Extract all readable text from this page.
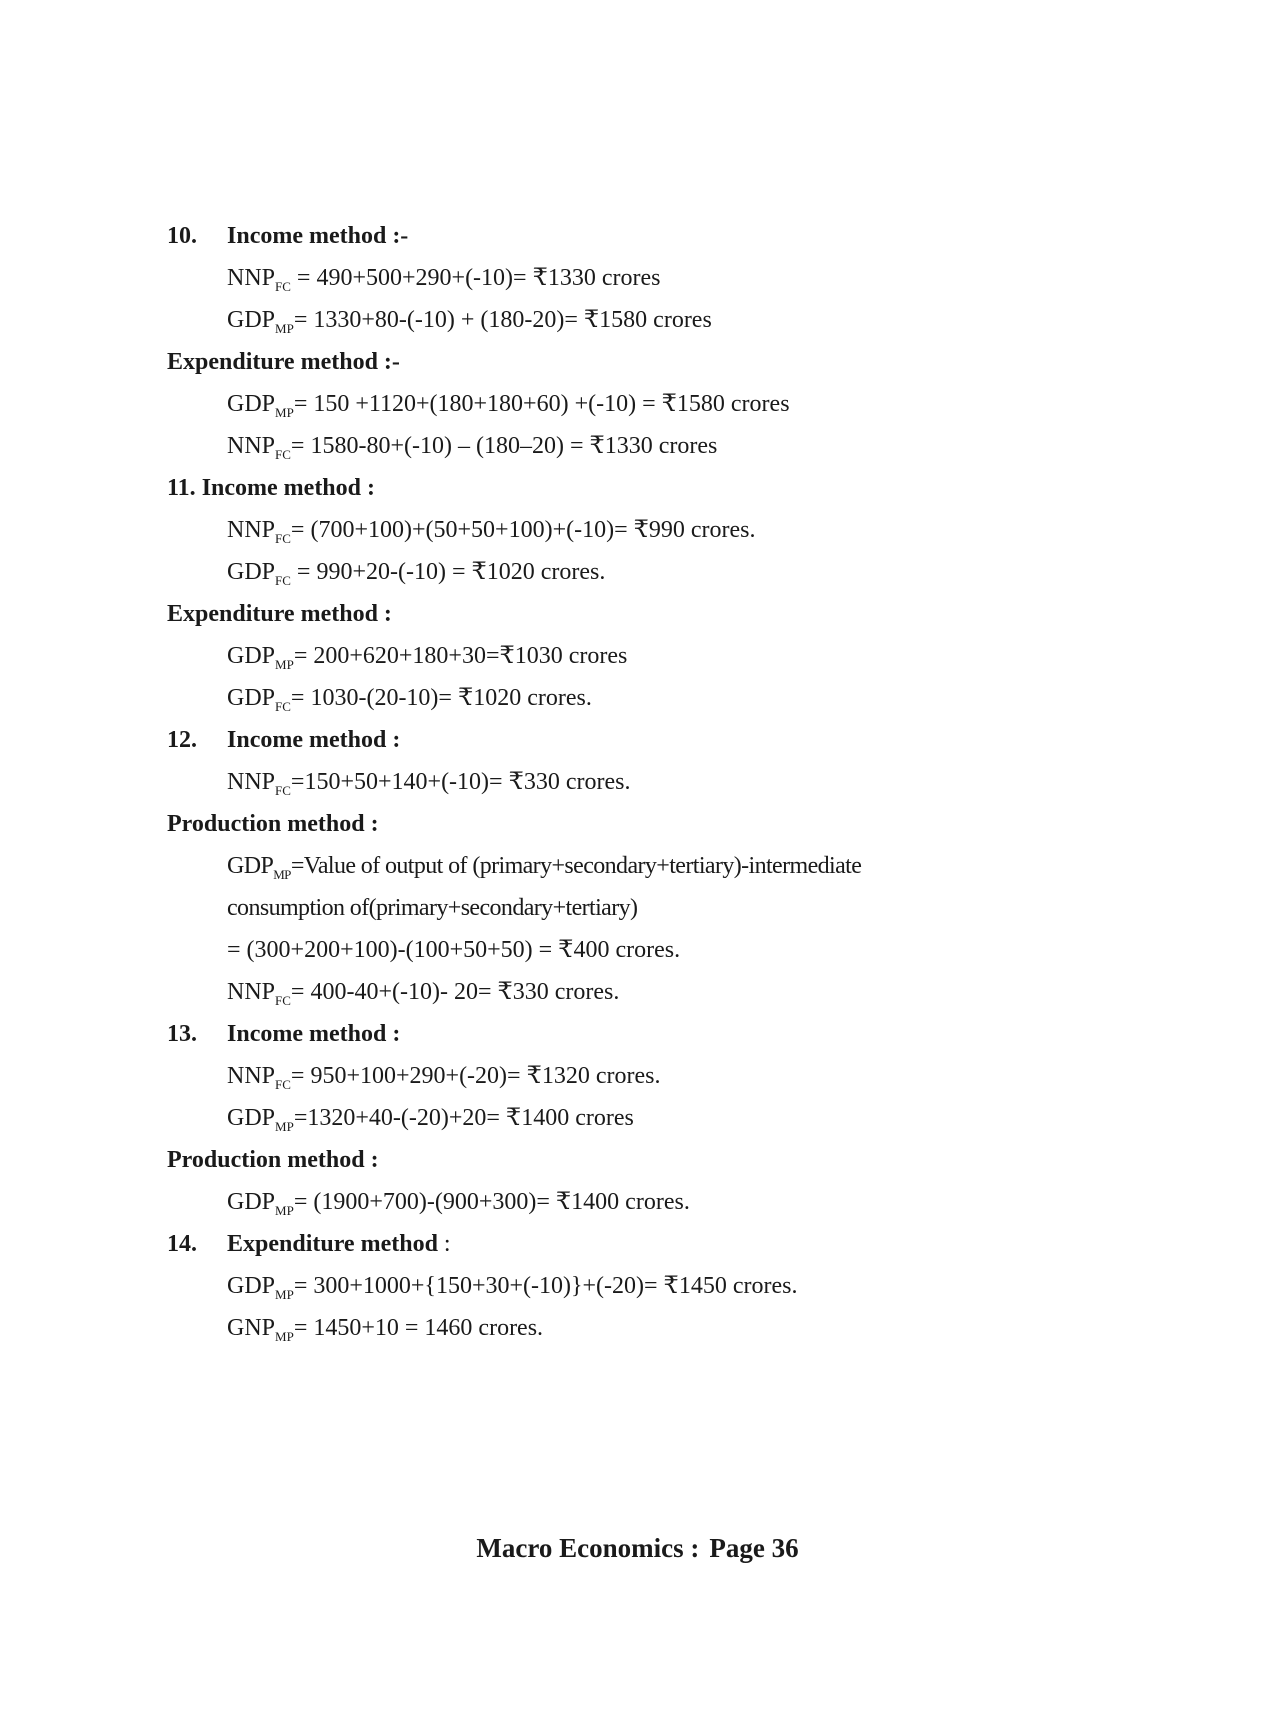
10. Income method :-
$NNP_{FC} = 490+500+290+(-10)=$ ₹1330 crores
$GDP_{MP}= 1330+80-(-10) + (180-20)=$ ₹1580 crores
Expenditure method :-
$GDP_{MP}= 150 +1120+(180+180+60) +(-10)$ = ₹1580 crores
$NNP_{FC}= 1580-80+(-10) - (180-20)$ = ₹1330 crores
11. Income method :
$NNP_{FC}= (700+100)+(50+50+100)+(-10)=$ ₹990 crores.
$GDP_{FC} = 990+20-(-10)$ = ₹1020 crores.
Expenditure method :
$GDP_{MP}=$ 200+620+180+30=₹1030 crores
$GDP_{FC}= 1030-(20-10)=$ ₹1020 crores.
12. Income method :
$NNP_{FC}=150+50+140+(-10)=$ ₹330 crores.
Production method :
$GDP_{MP}=Value$ of output of (primary+secondary+tertiary)-intermediate
consumption of(primary+secondary+tertiary)
= (300+200+100)-(100+50+50) = ₹400 crores.
$NNP_{FC}= 400-40+(-10)-$ 20= ₹330 crores.
13. Income method :
$NNP_{FC}= 950+100+290+(-20)=$ ₹1320 crores.
$GDP_{MP}=1320+40-(-20)+20=$ ₹1400 crores
Production method :
$GDP_{MP}= (1900+700)-(900+300)=$ ₹1400 crores.
14. Expenditure method :
$GDP_{MP}= 300+1000+\{150+30+(-10)\}+(-20)=$ ₹1450 crores.
$GNP_{MP}= 1450+10 = 1460$ crores.
Macro Economics : Page 36
